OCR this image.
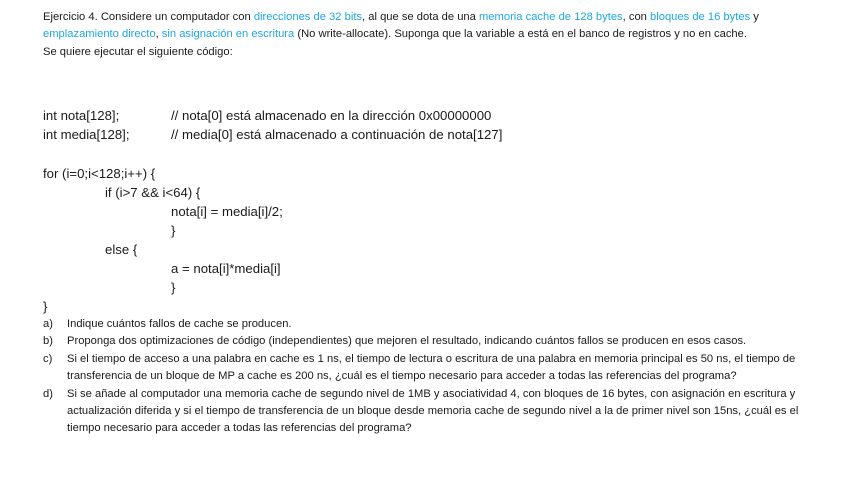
Ejercicio 4. Considere un computador con direcciones de 32 bits, al que se dota de una memoria cache de 128 bytes, con bloques de 16 bytes y emplazamiento directo, sin asignación en escritura (No write-allocate). Suponga que la variable a está en el banco de registros y no en cache.

Se quiere ejecutar el siguiente código:

int nota[128];	// nota[0] está almacenado en la dirección 0x00000000
int media[128];	// media[0] está almacenado a continuación de nota[127]
for (i=0;i<128;i++) {
if (i>7 && i<64) {
nota[i] = media[i]/2;
}
else {
a = nota[i]*media[i]
}
}
a) Indique cuántos fallos de cache se producen.
b) Proponga dos optimizaciones de código (independientes) que mejoren el resultado, indicando cuántos fallos se producen en esos casos.
c) Si el tiempo de acceso a una palabra en cache es 1 ns, el tiempo de lectura o escritura de una palabra en memoria principal es 50 ns, el tiempo de transferencia de un bloque de MP a cache es 200 ns, ¿cuál es el tiempo necesario para acceder a todas las referencias del programa?
d) Si se añade al computador una memoria cache de segundo nivel de 1MB y asociatividad 4, con bloques de 16 bytes, con asignación en escritura y actualización diferida y si el tiempo de transferencia de un bloque desde memoria cache de segundo nivel a la de primer nivel son 15ns, ¿cuál es el tiempo necesario para acceder a todas las referencias del programa?
